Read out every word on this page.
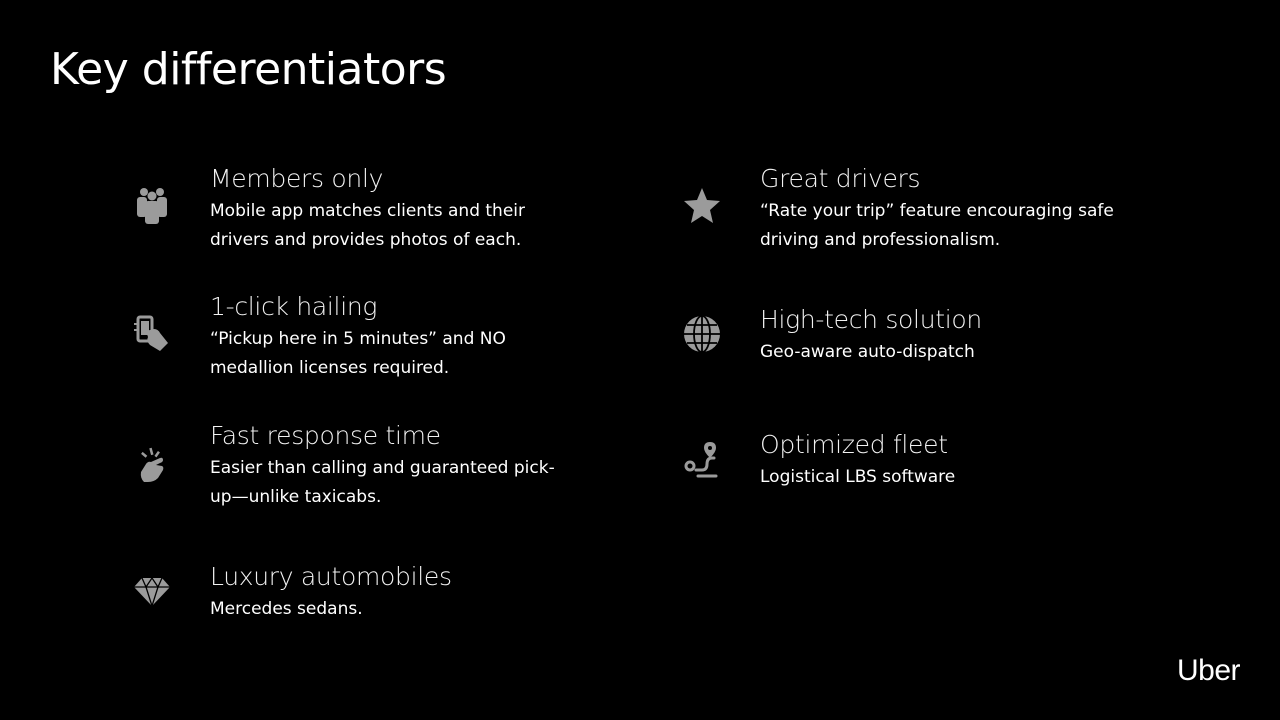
Key differentiators
Members only
Mobile app matches clients and their drivers and provides photos of each.
1-click hailing
“Pickup here in 5 minutes” and NO medallion licenses required.
Fast response time
Easier than calling and guaranteed pick-up—unlike taxicabs.
Luxury automobiles
Mercedes sedans.
Great drivers
“Rate your trip” feature encouraging safe driving and professionalism.
High-tech solution
Geo-aware auto-dispatch
Optimized fleet
Logistical LBS software
Uber
